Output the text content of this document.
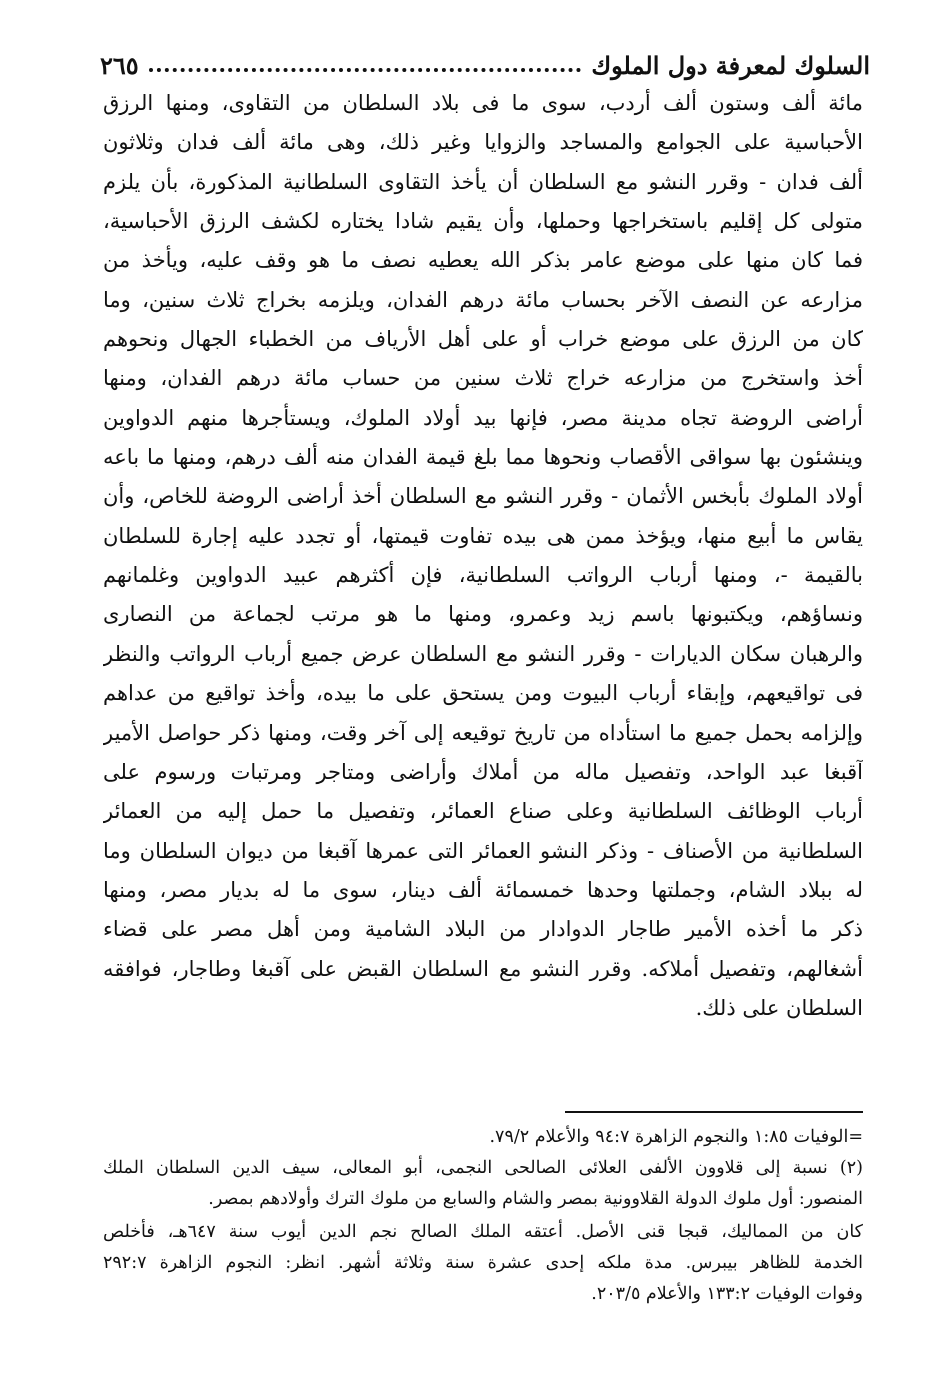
٢٦٥	السلوك لمعرفة دول الملوك
مائة ألف وستون ألف أردب، سوى ما فى بلاد السلطان من التقاوى، ومنها الرزق
الأحباسية على الجوامع والمساجد والزوايا وغير ذلك، وهى مائة ألف فدان وثلاثون
ألف فدان - وقرر النشو مع السلطان أن يأخذ التقاوى السلطانية المذكورة، بأن يلزم
متولى كل إقليم باستخراجها وحملها، وأن يقيم شادا يختاره لكشف الرزق الأحباسية،
فما كان منها على موضع عامر بذكر الله يعطيه نصف ما هو وقف عليه، ويأخذ من
مزارعه عن النصف الآخر بحساب مائة درهم الفدان، ويلزمه بخراج ثلاث سنين، وما
كان من الرزق على موضع خراب أو على أهل الأرياف من الخطباء الجهال ونحوهم
أخذ واستخرج من مزارعه خراج ثلاث سنين من حساب مائة درهم الفدان، ومنها
أراضى الروضة تجاه مدينة مصر، فإنها بيد أولاد الملوك، ويستأجرها منهم الدواوين
وينشئون بها سواقى الأقصاب ونحوها مما بلغ قيمة الفدان منه ألف درهم، ومنها ما باعه
أولاد الملوك بأبخس الأثمان - وقرر النشو مع السلطان أخذ أراضى الروضة للخاص، وأن
يقاس ما أبيع منها، ويؤخذ ممن هى بيده تفاوت قيمتها، أو تجدد عليه إجارة للسلطان
بالقيمة -، ومنها أرباب الرواتب السلطانية، فإن أكثرهم عبيد الدواوين وغلمانهم
ونساؤهم، ويكتبونها باسم زيد وعمرو، ومنها ما هو مرتب لجماعة من النصارى
والرهبان سكان الديارات - وقرر النشو مع السلطان عرض جميع أرباب الرواتب والنظر
فى تواقيعهم، وإبقاء أرباب البيوت ومن يستحق على ما بيده، وأخذ تواقيع من عداهم
وإلزامه بحمل جميع ما استأداه من تاريخ توقيعه إلى آخر وقت، ومنها ذكر حواصل الأمير
آقبغا عبد الواحد، وتفصيل ماله من أملاك وأراضى ومتاجر ومرتبات ورسوم على
أرباب الوظائف السلطانية وعلى صناع العمائر، وتفصيل ما حمل إليه من العمائر
السلطانية من الأصناف - وذكر النشو العمائر التى عمرها آقبغا من ديوان السلطان وما
له ببلاد الشام، وجملتها وحدها خمسمائة ألف دينار، سوى ما له بديار مصر، ومنها
ذكر ما أخذه الأمير طاجار الدوادار من البلاد الشامية ومن أهل مصر على قضاء
أشغالهم، وتفصيل أملاكه. وقرر النشو مع السلطان القبض على آقبغا وطاجار، فوافقه
السلطان على ذلك.
=الوفيات ١:٨٥ والنجوم الزاهرة ٩٤:٧ والأعلام ٧٩/٢.
(٢) نسبة إلى قلاوون الألفى العلائى الصالحى النجمى، أبو المعالى، سيف الدين السلطان الملك
المنصور: أول ملوك الدولة القلاوونية بمصر والشام والسابع من ملوك الترك وأولادهم بمصر.
كان من المماليك، قبجا قنى الأصل. أعتقه الملك الصالح نجم الدين أيوب سنة ٦٤٧هـ، فأخلص
الخدمة للظاهر بيبرس. مدة ملكه إحدى عشرة سنة وثلاثة أشهر. انظر: النجوم الزاهرة ٢٩٢:٧
وفوات الوفيات ١٣٣:٢ والأعلام ٢٠٣/٥.
